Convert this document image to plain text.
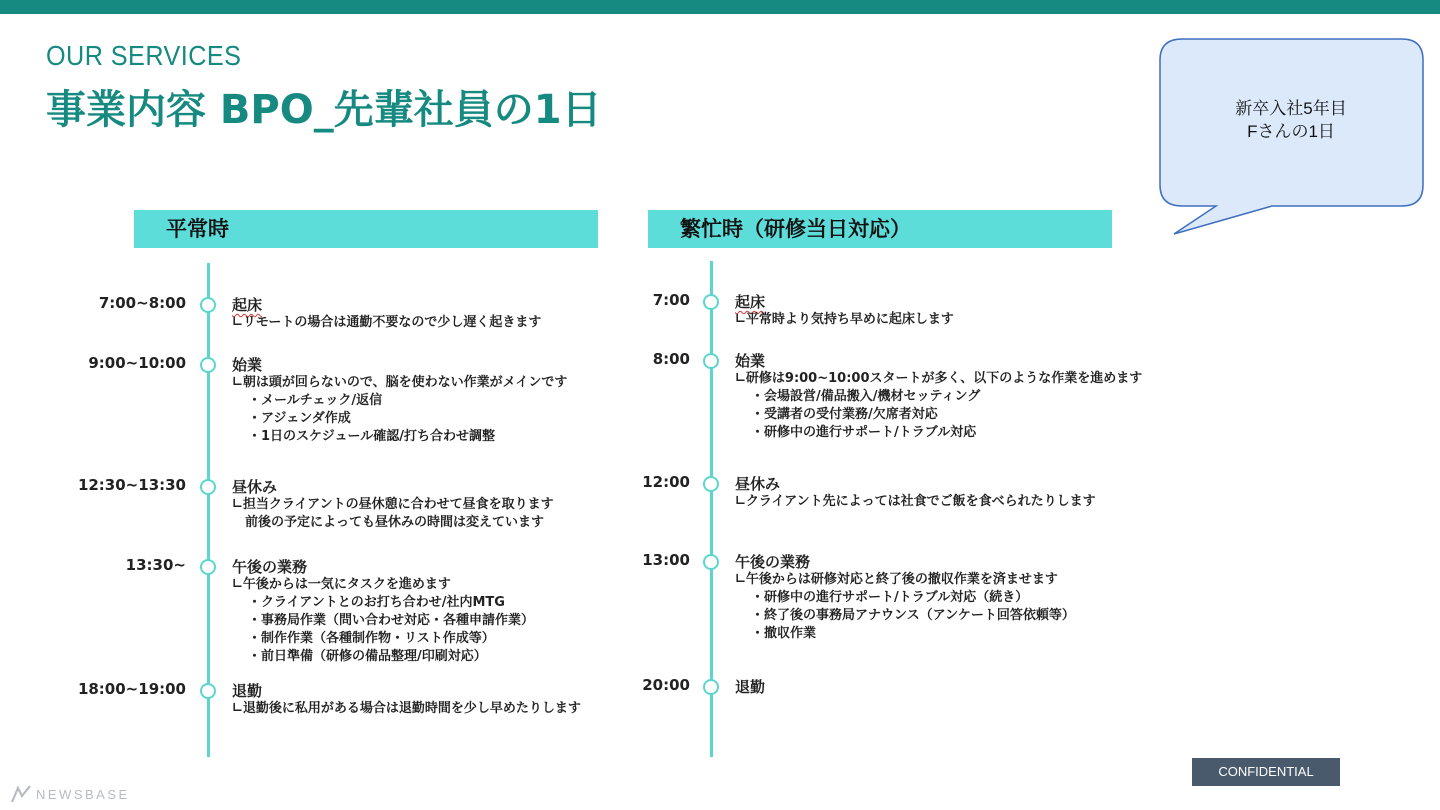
OUR SERVICES
事業内容 BPO_先輩社員の1日	新卒入社5年目
Fさんの1日
平常時
7:00~8:00	起床
∟リモートの場合は通勤不要なので少し遅く起きます
9:00~10:00	始業
∟朝は頭が回らないので、脳を使わない作業がメインです
・メールチェック/返信
・アジェンダ作成
・1日のスケジュール確認/打ち合わせ調整
12:30~13:30	昼休み
∟担当クライアントの昼休憩に合わせて昼食を取ります
　前後の予定によっても昼休みの時間は変えています
13:30~	午後の業務
∟午後からは一気にタスクを進めます
・クライアントとのお打ち合わせ/社内MTG
・事務局作業（問い合わせ対応・各種申請作業）
・制作作業（各種制作物・リスト作成等）
・前日準備（研修の備品整理/印刷対応）
18:00~19:00	退勤
∟退勤後に私用がある場合は退勤時間を少し早めたりします
繁忙時（研修当日対応）
7:00	起床
∟平常時より気持ち早めに起床します
8:00	始業
∟研修は9:00~10:00スタートが多く、以下のような作業を進めます
・会場設営/備品搬入/機材セッティング
・受講者の受付業務/欠席者対応
・研修中の進行サポート/トラブル対応
12:00	昼休み
∟クライアント先によっては社食でご飯を食べられたりします
13:00	午後の業務
∟午後からは研修対応と終了後の撤収作業を済ませます
・研修中の進行サポート/トラブル対応（続き）
・終了後の事務局アナウンス（アンケート回答依頼等）
・撤収作業
20:00	退勤
CONFIDENTIAL
NEWSBASE
